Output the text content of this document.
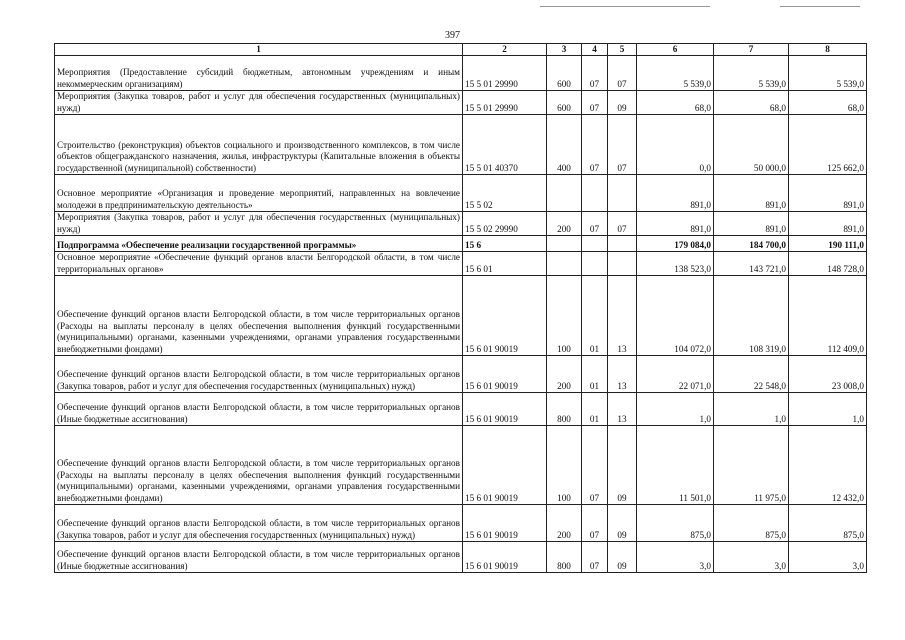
397
1	2	3	4	5	6	7	8
Мероприятия (Предоставление субсидий бюджетным, автономным учреждениям и иным некоммерческим организациям)	15 5 01 29990	600	07	07	5 539,0	5 539,0	5 539,0
Мероприятия (Закупка товаров, работ и услуг для обеспечения государственных (муниципальных) нужд)	15 5 01 29990	600	07	09	68,0	68,0	68,0
Строительство (реконструкция) объектов социального и производственного комплексов, в том числе объектов общегражданского назначения, жилья, инфраструктуры (Капитальные вложения в объекты государственной (муниципальной) собственности)	15 5 01 40370	400	07	07	0,0	50 000,0	125 662,0
Основное мероприятие «Организация и проведение мероприятий, направленных на вовлечение молодежи в предпринимательскую деятельность»	15 5 02				891,0	891,0	891,0
Мероприятия (Закупка товаров, работ и услуг для обеспечения государственных (муниципальных) нужд)	15 5 02 29990	200	07	07	891,0	891,0	891,0
Подпрограмма «Обеспечение реализации государственной программы»	15 6				179 084,0	184 700,0	190 111,0
Основное мероприятие «Обеспечение функций органов власти Белгородской области, в том числе территориальных органов»	15 6 01				138 523,0	143 721,0	148 728,0
Обеспечение функций органов власти Белгородской области, в том числе территориальных органов (Расходы на выплаты персоналу в целях обеспечения выполнения функций государственными (муниципальными) органами, казенными учреждениями, органами управления государственными внебюджетными фондами)	15 6 01 90019	100	01	13	104 072,0	108 319,0	112 409,0
Обеспечение функций органов власти Белгородской области, в том числе территориальных органов (Закупка товаров, работ и услуг для обеспечения государственных (муниципальных) нужд)	15 6 01 90019	200	01	13	22 071,0	22 548,0	23 008,0
Обеспечение функций органов власти Белгородской области, в том числе территориальных органов (Иные бюджетные ассигнования)	15 6 01 90019	800	01	13	1,0	1,0	1,0
Обеспечение функций органов власти Белгородской области, в том числе территориальных органов (Расходы на выплаты персоналу в целях обеспечения выполнения функций государственными (муниципальными) органами, казенными учреждениями, органами управления государственными внебюджетными фондами)	15 6 01 90019	100	07	09	11 501,0	11 975,0	12 432,0
Обеспечение функций органов власти Белгородской области, в том числе территориальных органов (Закупка товаров, работ и услуг для обеспечения государственных (муниципальных) нужд)	15 6 01 90019	200	07	09	875,0	875,0	875,0
Обеспечение функций органов власти Белгородской области, в том числе территориальных органов (Иные бюджетные ассигнования)	15 6 01 90019	800	07	09	3,0	3,0	3,0
